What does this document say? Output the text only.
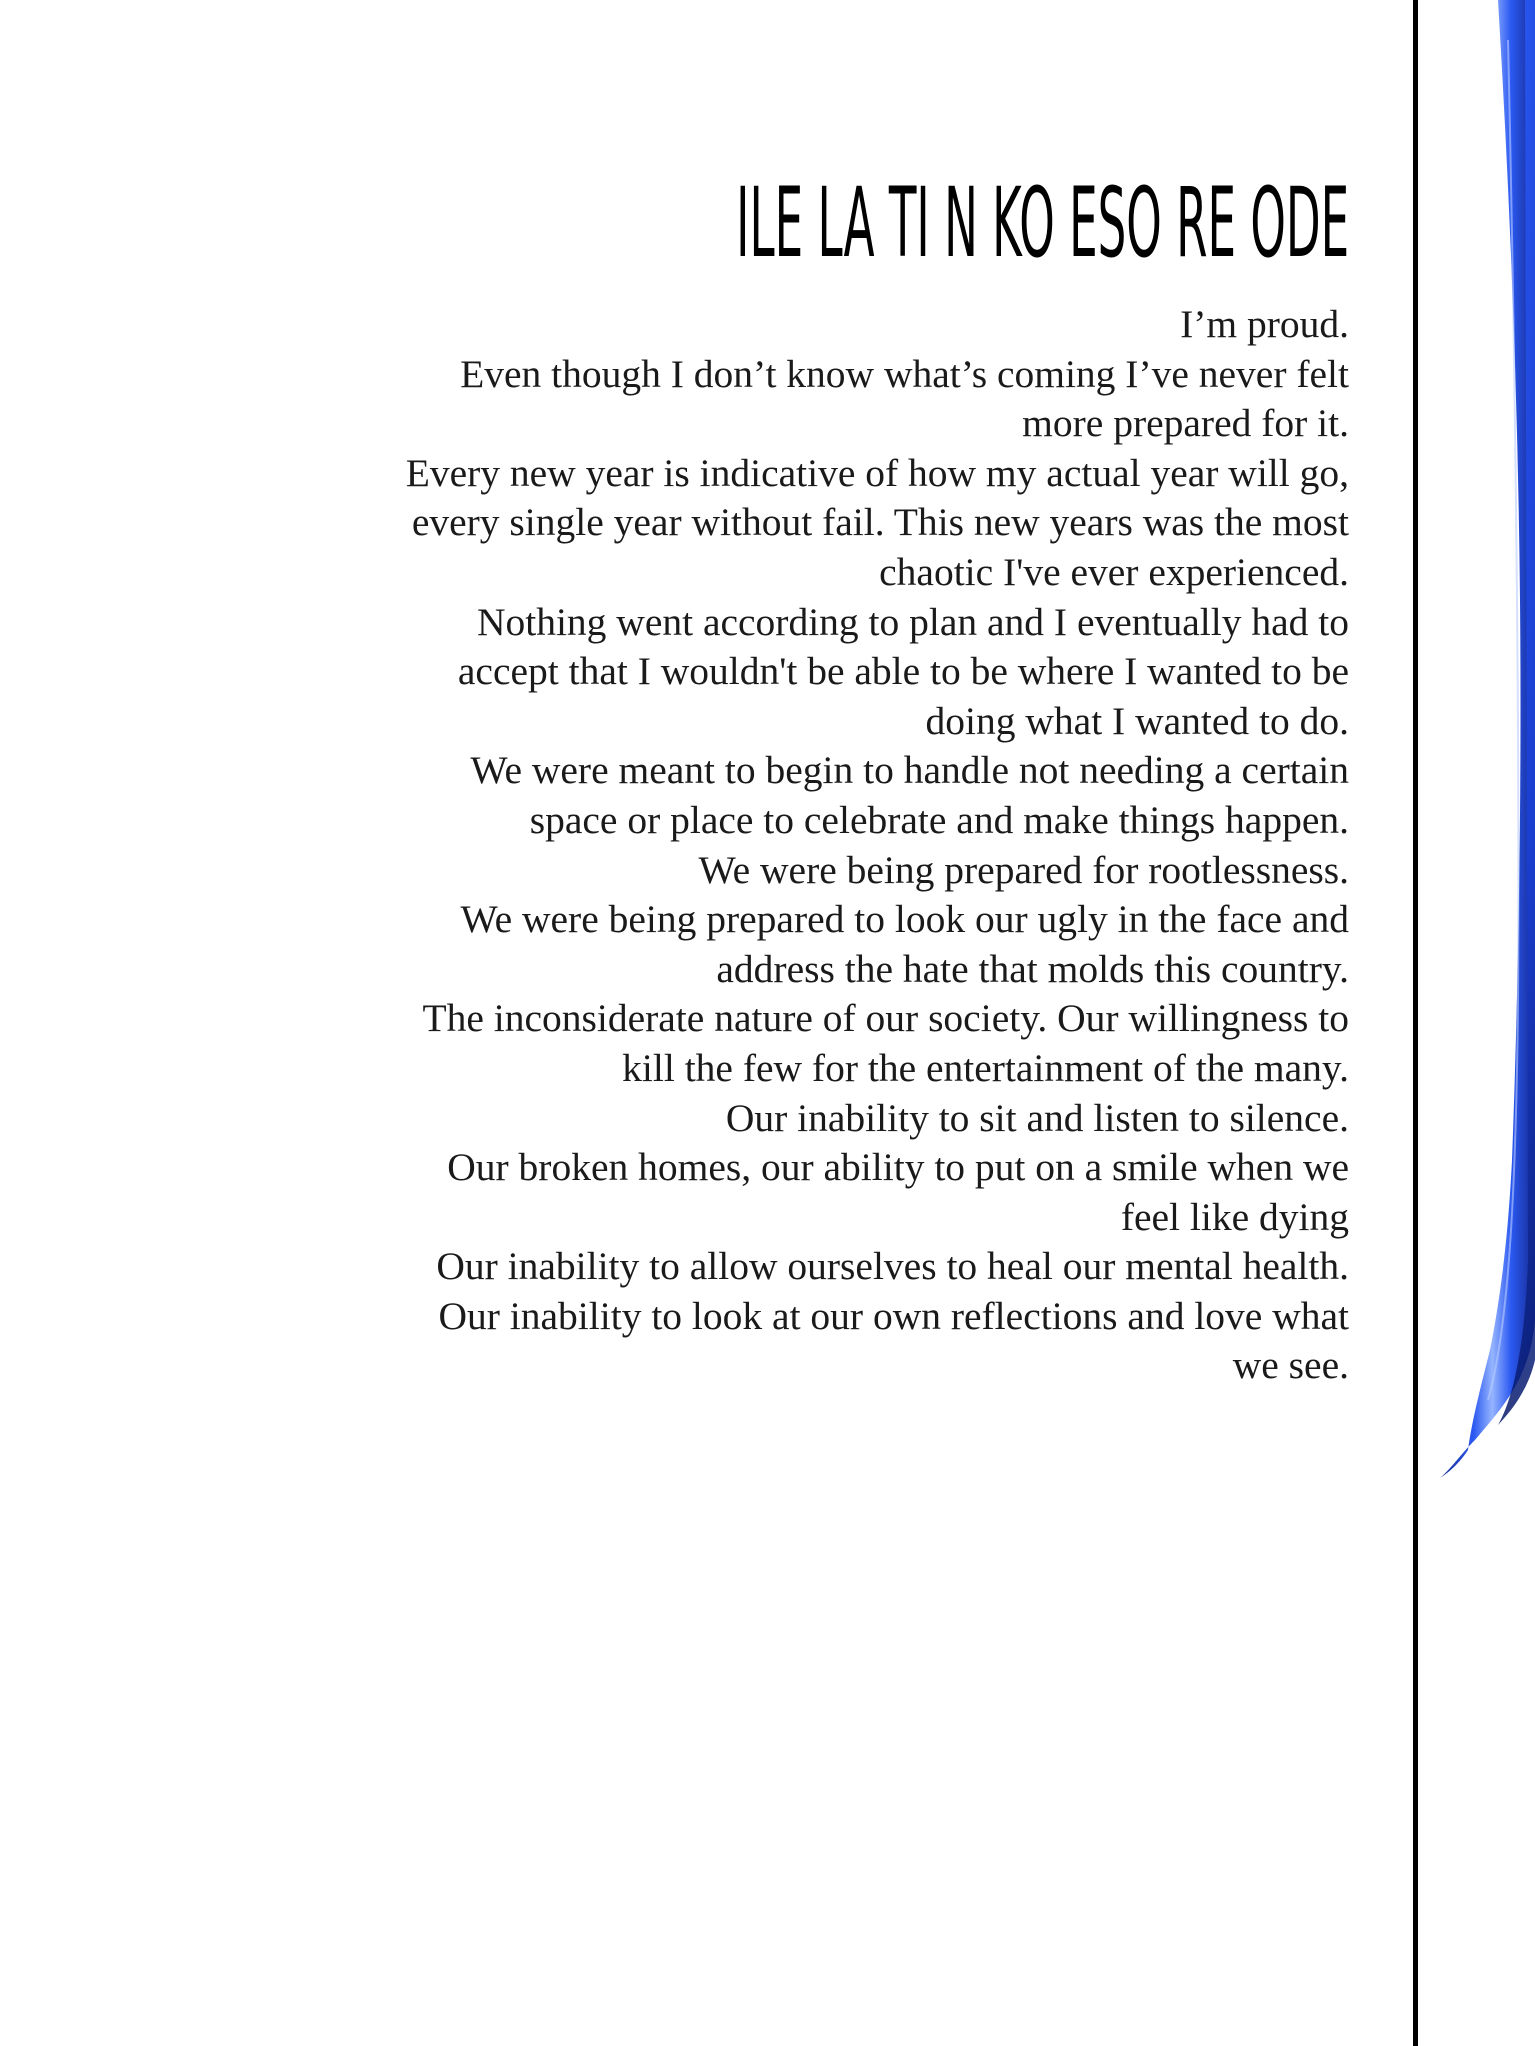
ILE LA TI N KO ESO RE ODE
I’m proud.
Even though I don’t know what’s coming I’ve never felt
more prepared for it.
Every new year is indicative of how my actual year will go,
every single year without fail. This new years was the most
chaotic I've ever experienced.
Nothing went according to plan and I eventually had to
accept that I wouldn't be able to be where I wanted to be
doing what I wanted to do.
We were meant to begin to handle not needing a certain
space or place to celebrate and make things happen.
We were being prepared for rootlessness.
We were being prepared to look our ugly in the face and
address the hate that molds this country.
The inconsiderate nature of our society. Our willingness to
kill the few for the entertainment of the many.
Our inability to sit and listen to silence.
Our broken homes, our ability to put on a smile when we
feel like dying
Our inability to allow ourselves to heal our mental health.
Our inability to look at our own reflections and love what
we see.
